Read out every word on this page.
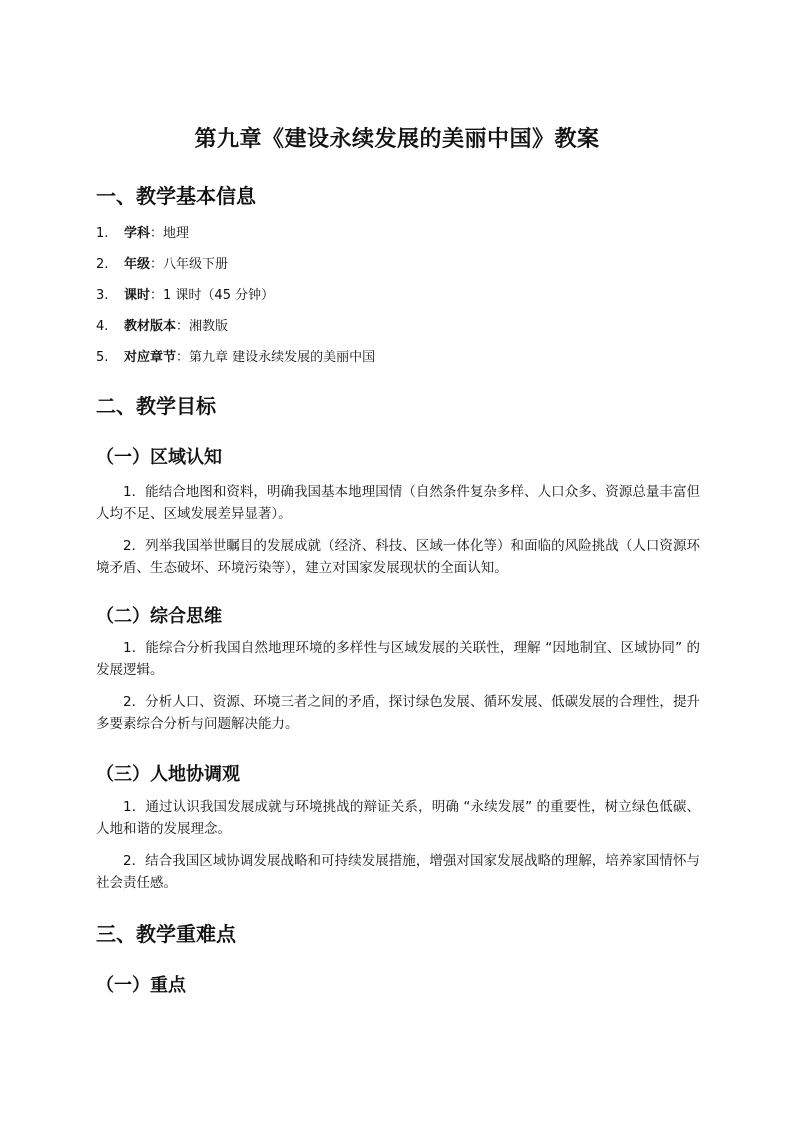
第九章《建设永续发展的美丽中国》教案
一、教学基本信息
1. 学科：地理
2. 年级：八年级下册
3. 课时：1 课时（45 分钟）
4. 教材版本：湘教版
5. 对应章节：第九章 建设永续发展的美丽中国
二、教学目标
（一）区域认知
1．能结合地图和资料，明确我国基本地理国情（自然条件复杂多样、人口众多、资源总量丰富但人均不足、区域发展差异显著）。
2．列举我国举世瞩目的发展成就（经济、科技、区域一体化等）和面临的风险挑战（人口资源环境矛盾、生态破坏、环境污染等），建立对国家发展现状的全面认知。
（二）综合思维
1．能综合分析我国自然地理环境的多样性与区域发展的关联性，理解 “因地制宜、区域协同” 的发展逻辑。
2．分析人口、资源、环境三者之间的矛盾，探讨绿色发展、循环发展、低碳发展的合理性，提升多要素综合分析与问题解决能力。
（三）人地协调观
1．通过认识我国发展成就与环境挑战的辩证关系，明确 “永续发展” 的重要性，树立绿色低碳、人地和谐的发展理念。
2．结合我国区域协调发展战略和可持续发展措施，增强对国家发展战略的理解，培养家国情怀与社会责任感。
三、教学重难点
（一）重点
